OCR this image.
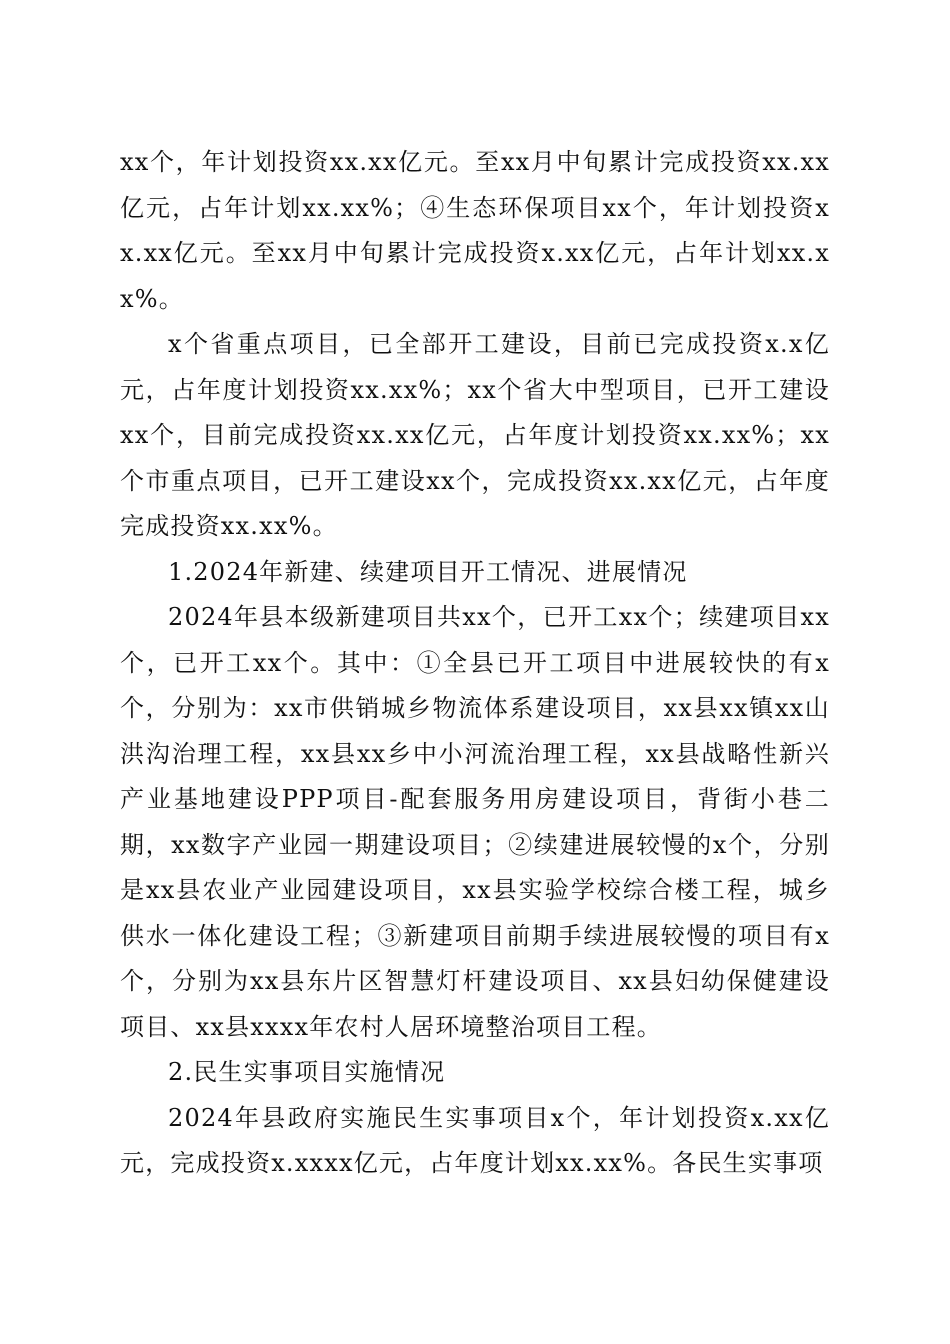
xx个，年计划投资xx.xx亿元。至xx月中旬累计完成投资xx.xx亿元，占年计划xx.xx%；④生态环保项目xx个，年计划投资xx.xx亿元。至xx月中旬累计完成投资x.xx亿元，占年计划xx.xx%。

x个省重点项目，已全部开工建设，目前已完成投资x.x亿元，占年度计划投资xx.xx%；xx个省大中型项目，已开工建设xx个，目前完成投资xx.xx亿元，占年度计划投资xx.xx%；xx个市重点项目，已开工建设xx个，完成投资xx.xx亿元，占年度完成投资xx.xx%。

1.2024年新建、续建项目开工情况、进展情况

2024年县本级新建项目共xx个，已开工xx个；续建项目xx个，已开工xx个。其中：①全县已开工项目中进展较快的有x个，分别为：xx市供销城乡物流体系建设项目，xx县xx镇xx山洪沟治理工程，xx县xx乡中小河流治理工程，xx县战略性新兴产业基地建设PPP项目-配套服务用房建设项目，背街小巷二期，xx数字产业园一期建设项目；②续建进展较慢的x个，分别是xx县农业产业园建设项目，xx县实验学校综合楼工程，城乡供水一体化建设工程；③新建项目前期手续进展较慢的项目有x个，分别为xx县东片区智慧灯杆建设项目、xx县妇幼保健建设项目、xx县xxxx年农村人居环境整治项目工程。

2.民生实事项目实施情况

2024年县政府实施民生实事项目x个，年计划投资x.xx亿元，完成投资x.xxxx亿元，占年度计划xx.xx%。各民生实事项
